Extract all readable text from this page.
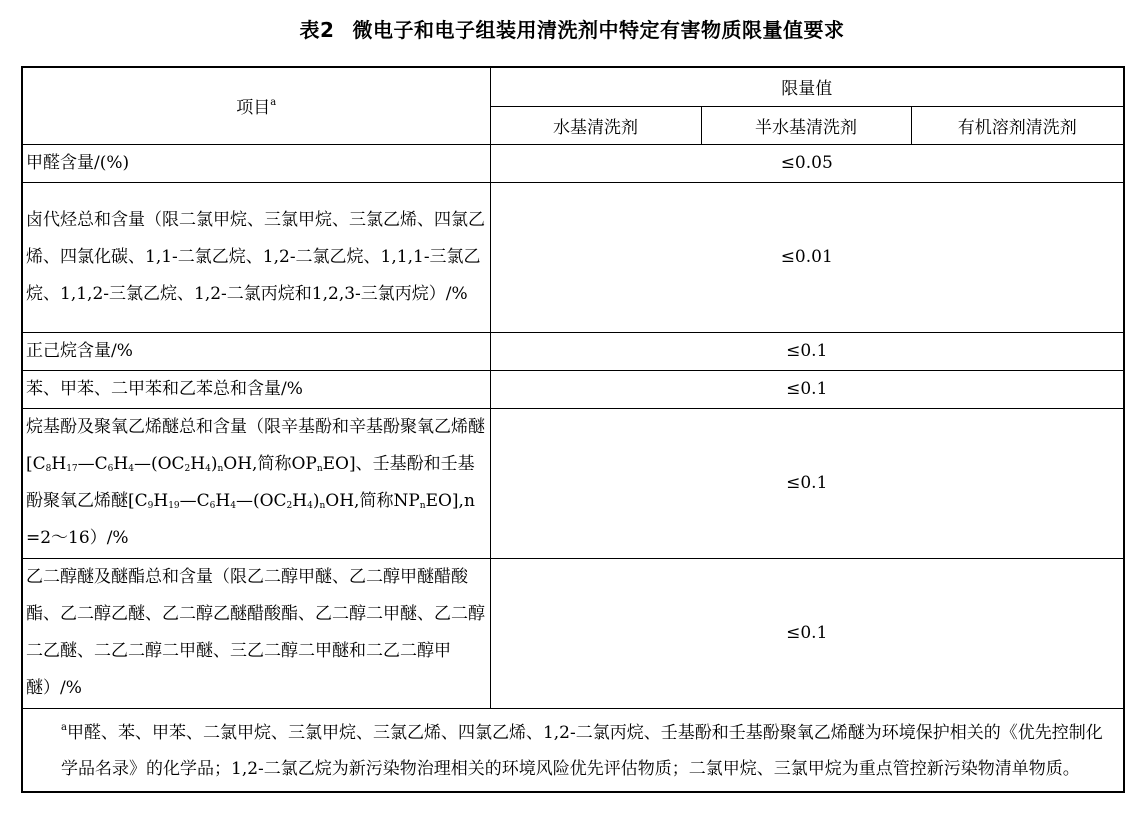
表2 微电子和电子组装用清洗剂中特定有害物质限量值要求
项目$^a$	限量值		
	水基清洗剂	半水基清洗剂	有机溶剂清洗剂
甲醛含量/(%)	≤0.05		
卤代烃总和含量（限二氯甲烷、三氯甲烷、三氯乙烯、四氯乙烯、四氯化碳、1,1-二氯乙烷、1,2-二氯乙烷、1,1,1-三氯乙烷、1,1,2-三氯乙烷、1,2-二氯丙烷和1,2,3-三氯丙烷）/%	≤0.01		
正己烷含量/%	≤0.1		
苯、甲苯、二甲苯和乙苯总和含量/%	≤0.1		
烷基酚及聚氧乙烯醚总和含量（限辛基酚和辛基酚聚氧乙烯醚[$C_8H_{17}—C_6H_4—(OC_2H_4)_nOH$,简称$OP_nEO$]、壬基酚和壬基酚聚氧乙烯醚[$C_9H_{19}—C_6H_4—(OC_2H_4)_nOH$,简称$NP_nEO],n=2\sim 16)/\%$	≤0.1		
乙二醇醚及醚酯总和含量（限乙二醇甲醚、乙二醇甲醚醋酸酯、乙二醇乙醚、乙二醇乙醚醋酸酯、乙二醇二甲醚、乙二醇二乙醚、二乙二醇二甲醚、三乙二醇二甲醚和二乙二醇甲醚）/%	≤0.1		
$^a$甲醛、苯、甲苯、二氯甲烷、三氯甲烷、三氯乙烯、四氯乙烯、1,2-二氯丙烷、壬基酚和壬基酚聚氧乙烯醚为环境保护相关的《优先控制化学品名录》的化学品；1,2-二氯乙烷为新污染物治理相关的环境风险优先评估物质；二氯甲烷、三氯甲烷为重点管控新污染物清单物质。			
